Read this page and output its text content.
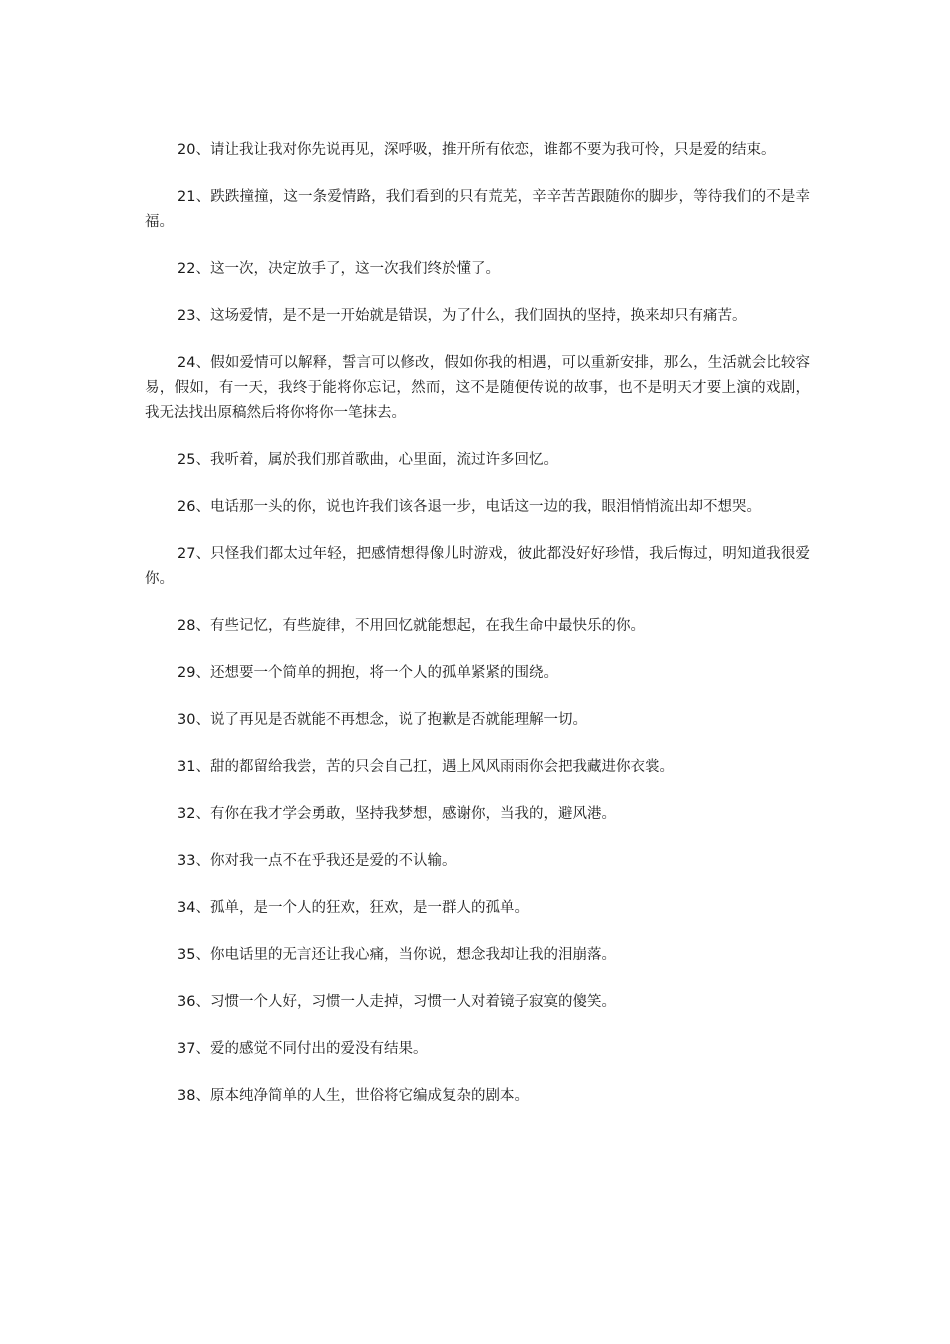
20、请让我让我对你先说再见，深呼吸，推开所有依恋，谁都不要为我可怜，只是爱的结束。

21、跌跌撞撞，这一条爱情路，我们看到的只有荒芜，辛辛苦苦跟随你的脚步，等待我们的不是幸福。

22、这一次，决定放手了，这一次我们终於懂了。

23、这场爱情，是不是一开始就是错误，为了什么，我们固执的坚持，换来却只有痛苦。

24、假如爱情可以解释，誓言可以修改，假如你我的相遇，可以重新安排，那么，生活就会比较容易，假如，有一天，我终于能将你忘记，然而，这不是随便传说的故事，也不是明天才要上演的戏剧，我无法找出原稿然后将你将你一笔抹去。

25、我听着，属於我们那首歌曲，心里面，流过许多回忆。

26、电话那一头的你，说也许我们该各退一步，电话这一边的我，眼泪悄悄流出却不想哭。

27、只怪我们都太过年轻，把感情想得像儿时游戏，彼此都没好好珍惜，我后悔过，明知道我很爱你。

28、有些记忆，有些旋律，不用回忆就能想起，在我生命中最快乐的你。

29、还想要一个简单的拥抱，将一个人的孤单紧紧的围绕。

30、说了再见是否就能不再想念，说了抱歉是否就能理解一切。

31、甜的都留给我尝，苦的只会自己扛，遇上风风雨雨你会把我藏进你衣裳。

32、有你在我才学会勇敢，坚持我梦想，感谢你，当我的，避风港。

33、你对我一点不在乎我还是爱的不认输。

34、孤单，是一个人的狂欢，狂欢，是一群人的孤单。

35、你电话里的无言还让我心痛，当你说，想念我却让我的泪崩落。

36、习惯一个人好，习惯一人走掉，习惯一人对着镜子寂寞的傻笑。

37、爱的感觉不同付出的爱没有结果。

38、原本纯净简单的人生，世俗将它编成复杂的剧本。
